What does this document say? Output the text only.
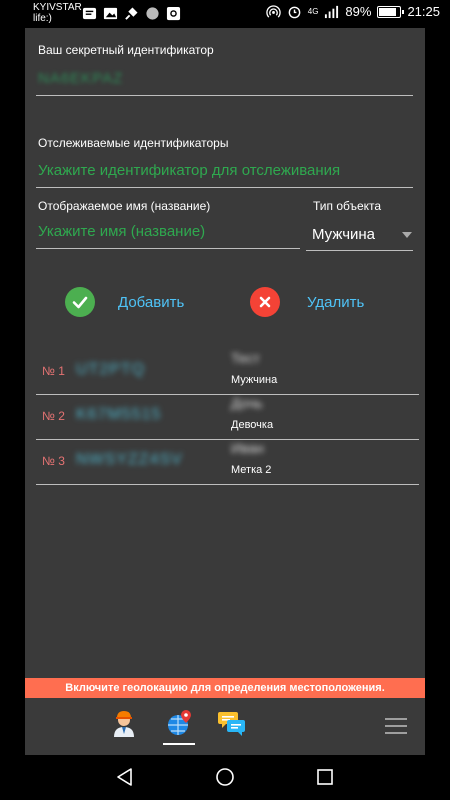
KYIVSTAR
life:)
4G 89%	21:25
Ваш секретный идентификатор
NA6EKPAZ
Отслеживаемые идентификаторы
Укажите идентификатор для отслеживания
Отображаемое имя (название)
Укажите имя (название)
Тип объекта
Мужчина
Добавить	Удалить
№ 1 UT2PTQ
Тест
Мужчина
№ 2 K67M5515
Дочь
Девочка
№ 3 NWSYZZ4SV
Иван
Метка 2
Включите геолокацию для определения местоположения.
